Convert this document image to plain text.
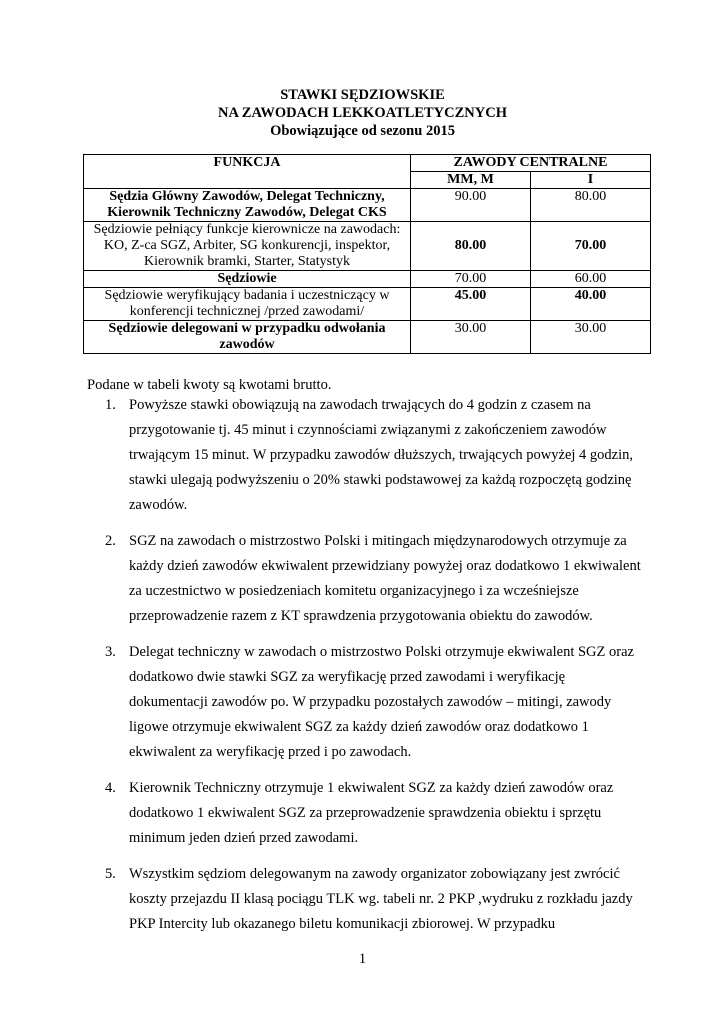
STAWKI SĘDZIOWSKIE
NA ZAWODACH LEKKOATLETYCZNYCH
Obowiązujące od sezonu 2015
FUNKCJA	ZAWODY CENTRALNE	
	MM, M	I
Sędzia Główny Zawodów, Delegat Techniczny, Kierownik Techniczny Zawodów, Delegat CKS	90.00	80.00
Sędziowie pełniący funkcje kierownicze na zawodach: KO, Z-ca SGZ, Arbiter, SG konkurencji, inspektor, Kierownik bramki, Starter, Statystyk	80.00	70.00
Sędziowie	70.00	60.00
Sędziowie weryfikujący badania i uczestniczący w konferencji technicznej /przed zawodami/	45.00	40.00
Sędziowie delegowani w przypadku odwołania zawodów	30.00	30.00
Podane w tabeli kwoty są kwotami brutto.
1. Powyższe stawki obowiązują na zawodach trwających do 4 godzin z czasem na przygotowanie tj. 45 minut i czynnościami związanymi z zakończeniem zawodów trwającym 15 minut. W przypadku zawodów dłuższych, trwających powyżej 4 godzin, stawki ulegają podwyższeniu o 20% stawki podstawowej za każdą rozpoczętą godzinę zawodów.
2. SGZ na zawodach o mistrzostwo Polski i mitingach międzynarodowych otrzymuje za każdy dzień zawodów ekwiwalent przewidziany powyżej oraz dodatkowo 1 ekwiwalent za uczestnictwo w posiedzeniach komitetu organizacyjnego i za wcześniejsze przeprowadzenie razem z KT sprawdzenia przygotowania obiektu do zawodów.
3. Delegat techniczny w zawodach o mistrzostwo Polski otrzymuje ekwiwalent SGZ oraz dodatkowo dwie stawki SGZ za weryfikację przed zawodami i weryfikację dokumentacji zawodów po. W przypadku pozostałych zawodów – mitingi, zawody ligowe otrzymuje ekwiwalent SGZ za każdy dzień zawodów oraz dodatkowo 1 ekwiwalent za weryfikację przed i po zawodach.
4. Kierownik Techniczny otrzymuje 1 ekwiwalent SGZ za każdy dzień zawodów oraz dodatkowo 1 ekwiwalent SGZ za przeprowadzenie sprawdzenia obiektu i sprzętu minimum jeden dzień przed zawodami.
5. Wszystkim sędziom delegowanym na zawody organizator zobowiązany jest zwrócić koszty przejazdu II klasą pociągu TLK wg. tabeli nr. 2 PKP ,wydruku z rozkładu jazdy PKP Intercity lub okazanego biletu komunikacji zbiorowej. W przypadku
1
